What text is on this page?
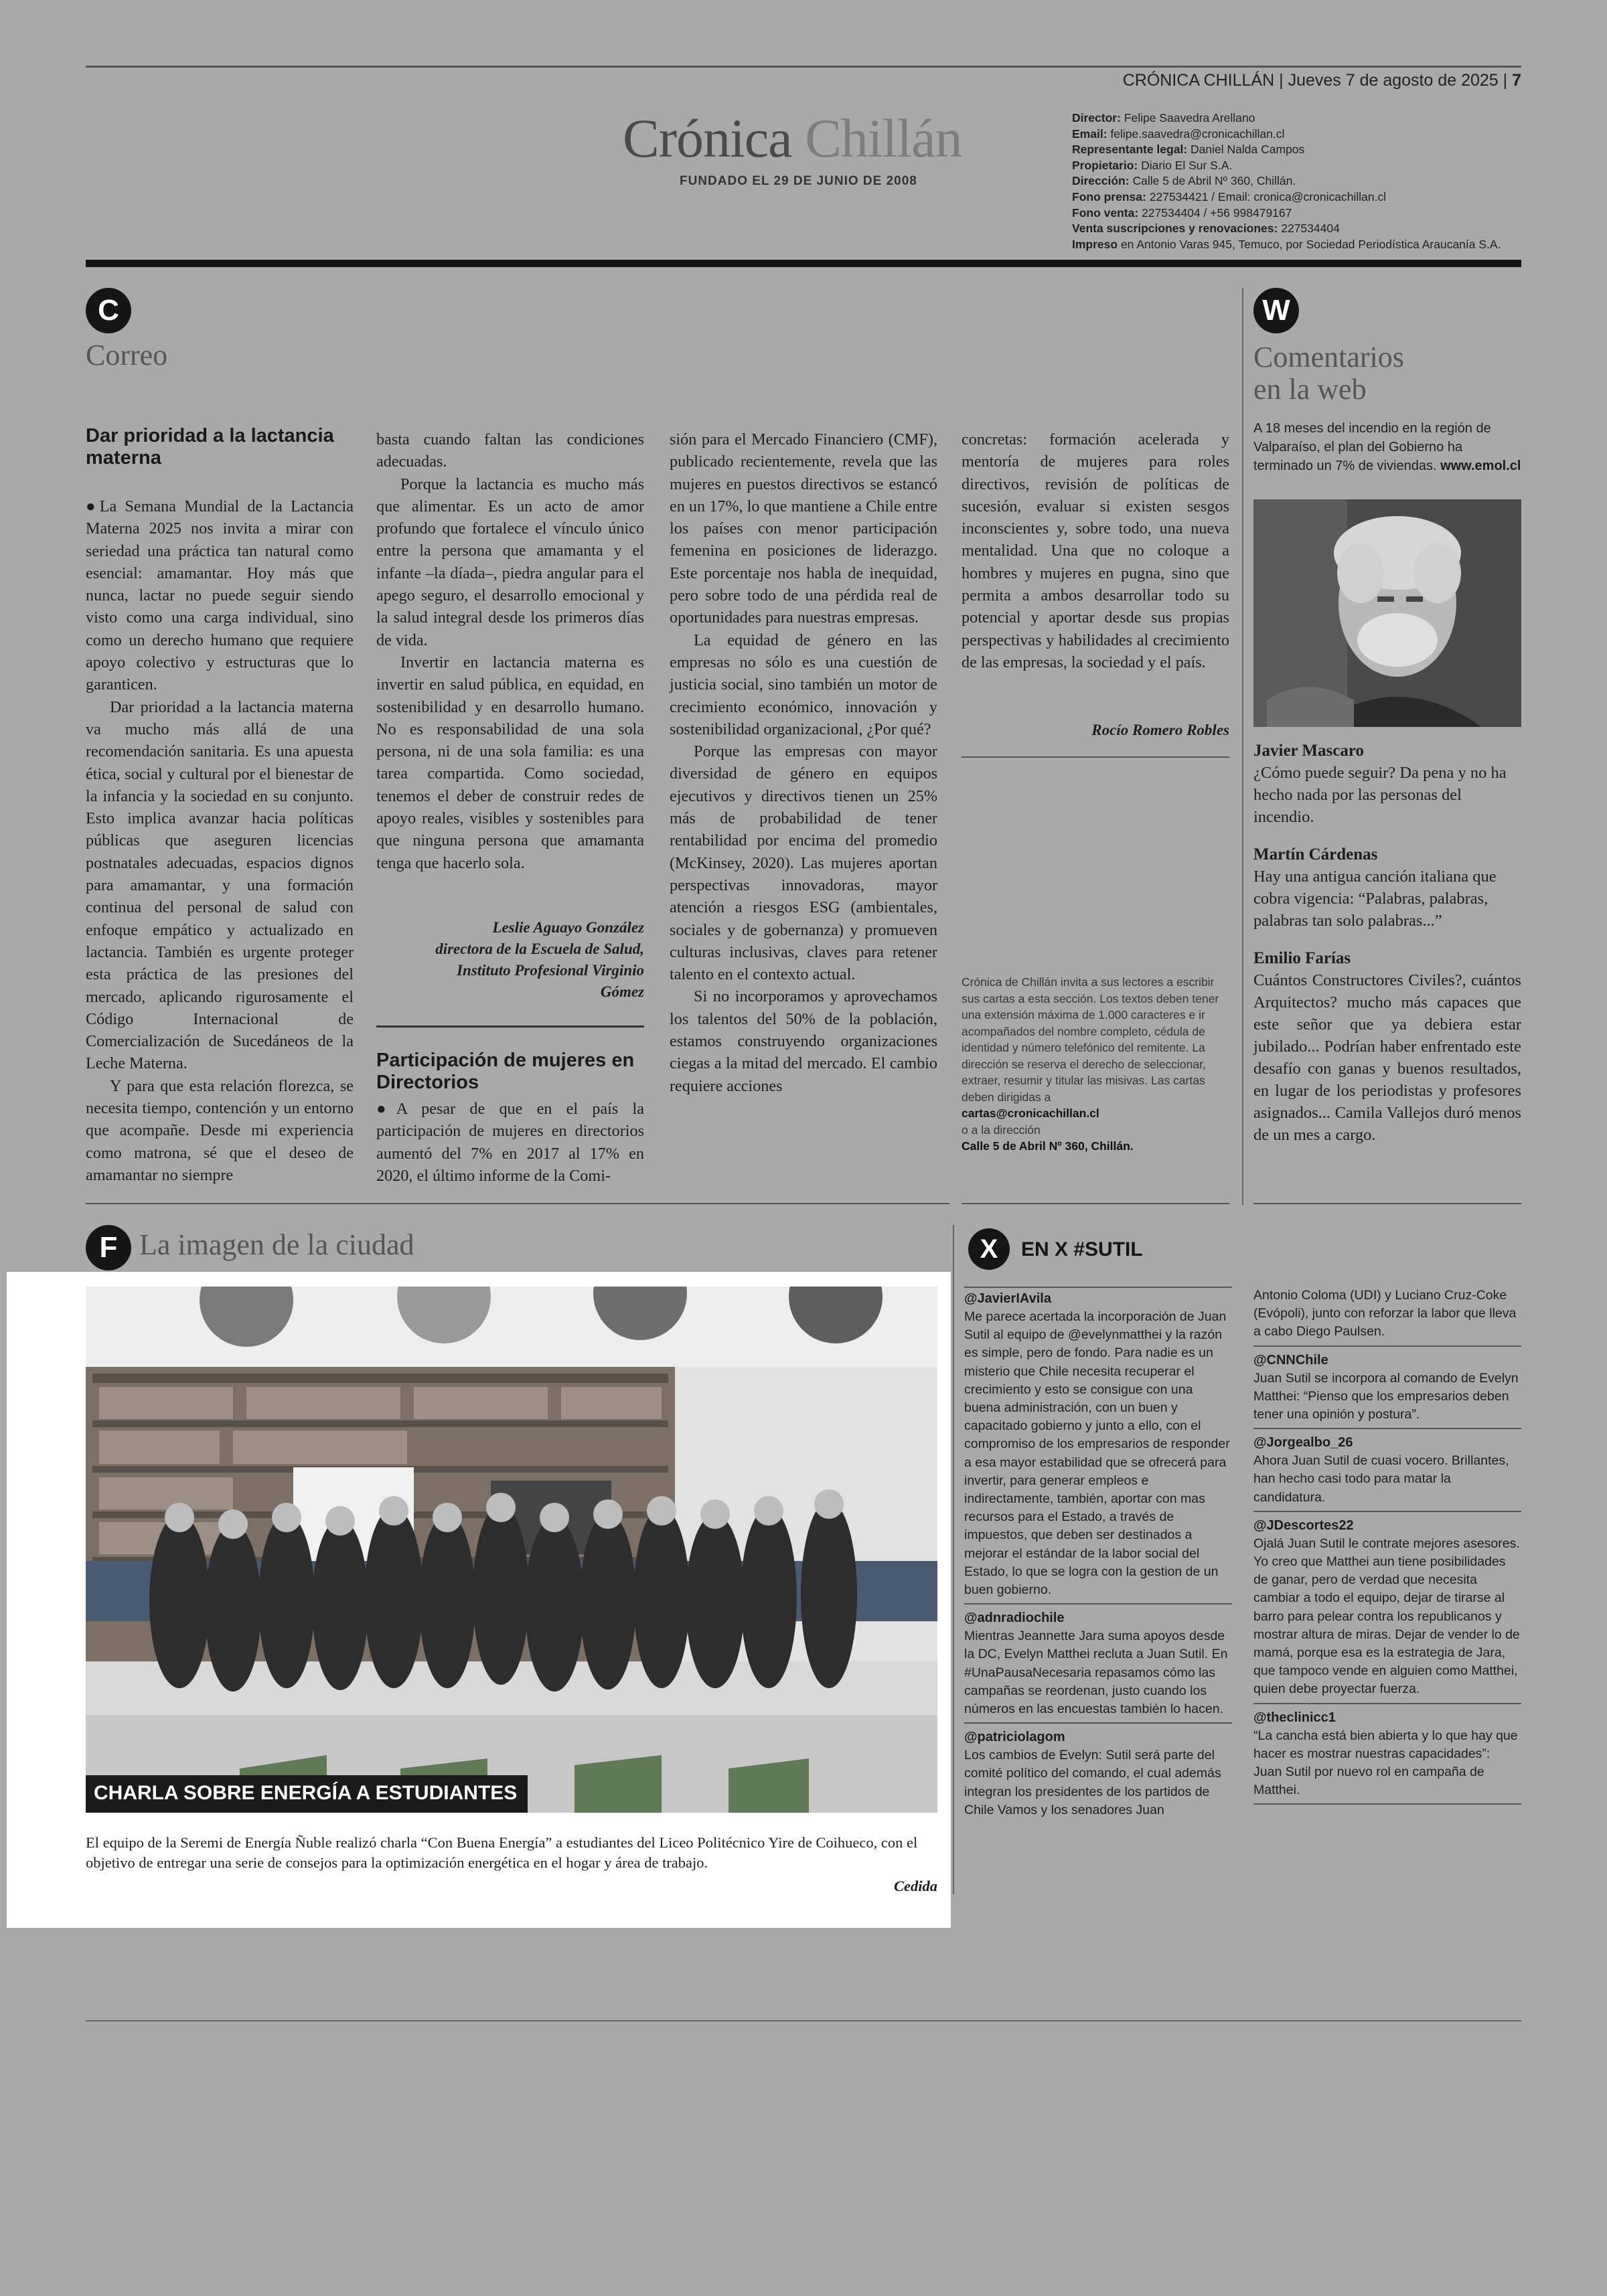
CRÓNICA CHILLÁN | Jueves 7 de agosto de 2025 | 7
Crónica Chillán
FUNDADO EL 29 DE JUNIO DE 2008
Director: Felipe Saavedra Arellano
Email: felipe.saavedra@cronicachillan.cl
Representante legal: Daniel Nalda Campos
Propietario: Diario El Sur S.A.
Dirección: Calle 5 de Abril Nº 360, Chillán.
Fono prensa: 227534421 / Email: cronica@cronicachillan.cl
Fono venta: 227534404 / +56 998479167
Venta suscripciones y renovaciones: 227534404
Impreso en Antonio Varas 945, Temuco, por Sociedad Periodística Araucanía S.A.
C
Correo
Dar prioridad a la lactancia materna

●La Semana Mundial de la Lactancia Materna 2025 nos invita a mirar con seriedad una práctica tan natural como esencial: amamantar. Hoy más que nunca, lactar no puede seguir siendo visto como una carga individual, sino como un derecho humano que requiere apoyo colectivo y estructuras que lo garanticen.

Dar prioridad a la lactancia materna va mucho más allá de una recomendación sanitaria. Es una apuesta ética, social y cultural por el bienestar de la infancia y la sociedad en su conjunto. Esto implica avanzar hacia políticas públicas que aseguren licencias postnatales adecuadas, espacios dignos para amamantar, y una formación continua del personal de salud con enfoque empático y actualizado en lactancia. También es urgente proteger esta práctica de las presiones del mercado, aplicando rigurosamente el Código Internacional de Comercialización de Sucedáneos de la Leche Materna.

Y para que esta relación florezca, se necesita tiempo, contención y un entorno que acompañe. Desde mi experiencia como matrona, sé que el deseo de amamantar no siempre

basta cuando faltan las condiciones adecuadas.

Porque la lactancia es mucho más que alimentar. Es un acto de amor profundo que fortalece el vínculo único entre la persona que amamanta y el infante –la díada–, piedra angular para el apego seguro, el desarrollo emocional y la salud integral desde los primeros días de vida.

Invertir en lactancia materna es invertir en salud pública, en equidad, en sostenibilidad y en desarrollo humano. No es responsabilidad de una sola persona, ni de una sola familia: es una tarea compartida. Como sociedad, tenemos el deber de construir redes de apoyo reales, visibles y sostenibles para que ninguna persona que amamanta tenga que hacerlo sola.

Leslie Aguayo González
directora de la Escuela de Salud,
Instituto Profesional Virginio
Gómez
Participación de mujeres en Directorios

●A pesar de que en el país la participación de mujeres en directorios aumentó del 7% en 2017 al 17% en 2020, el último informe de la Comi-

sión para el Mercado Financiero (CMF), publicado recientemente, revela que las mujeres en puestos directivos se estancó en un 17%, lo que mantiene a Chile entre los países con menor participación femenina en posiciones de liderazgo. Este porcentaje nos habla de inequidad, pero sobre todo de una pérdida real de oportunidades para nuestras empresas.

La equidad de género en las empresas no sólo es una cuestión de justicia social, sino también un motor de crecimiento económico, innovación y sostenibilidad organizacional, ¿Por qué?

Porque las empresas con mayor diversidad de género en equipos ejecutivos y directivos tienen un 25% más de probabilidad de tener rentabilidad por encima del promedio (McKinsey, 2020). Las mujeres aportan perspectivas innovadoras, mayor atención a riesgos ESG (ambientales, sociales y de gobernanza) y promueven culturas inclusivas, claves para retener talento en el contexto actual.

Si no incorporamos y aprovechamos los talentos del 50% de la población, estamos construyendo organizaciones ciegas a la mitad del mercado. El cambio requiere acciones

concretas: formación acelerada y mentoría de mujeres para roles directivos, revisión de políticas de sucesión, evaluar si existen sesgos inconscientes y, sobre todo, una nueva mentalidad. Una que no coloque a hombres y mujeres en pugna, sino que permita a ambos desarrollar todo su potencial y aportar desde sus propias perspectivas y habilidades al crecimiento de las empresas, la sociedad y el país.

Rocío Romero Robles
Crónica de Chillán invita a sus lectores a escribir sus cartas a esta sección. Los textos deben tener una extensión máxima de 1.000 caracteres e ir acompañados del nombre completo, cédula de identidad y número telefónico del remitente. La dirección se reserva el derecho de seleccionar, extraer, resumir y titular las misivas. Las cartas deben dirigidas a
cartas@cronicachillan.cl
o a la dirección
Calle 5 de Abril Nº 360, Chillán.
W
Comentarios
en la web
A 18 meses del incendio en la región de Valparaíso, el plan del Gobierno ha terminado un 7% de viviendas. www.emol.cl
Javier Mascaro
¿Cómo puede seguir? Da pena y no ha hecho nada por las personas del incendio.
Martín Cárdenas
Hay una antigua canción italiana que cobra vigencia: “Palabras, palabras, palabras tan solo palabras...”
Emilio Farías
Cuántos Constructores Civiles?, cuántos Arquitectos? mucho más capaces que este señor que ya debiera estar jubilado... Podrían haber enfrentado este desafío con ganas y buenos resultados, en lugar de los periodistas y profesores asignados... Camila Vallejos duró menos de un mes a cargo.
F La imagen de la ciudad
CHARLA SOBRE ENERGÍA A ESTUDIANTES
El equipo de la Seremi de Energía Ñuble realizó charla “Con Buena Energía” a estudiantes del Liceo Politécnico Yire de Coihueco, con el objetivo de entregar una serie de consejos para la optimización energética en el hogar y área de trabajo.
Cedida
X	EN X #SUTIL
@JavierIAvila
Me parece acertada la incorporación de Juan Sutil al equipo de @evelynmatthei y la razón es simple, pero de fondo. Para nadie es un misterio que Chile necesita recuperar el crecimiento y esto se consigue con una buena administración, con un buen y capacitado gobierno y junto a ello, con el compromiso de los empresarios de responder a esa mayor estabilidad que se ofrecerá para invertir, para generar empleos e indirectamente, también, aportar con mas recursos para el Estado, a través de impuestos, que deben ser destinados a mejorar el estándar de la labor social del Estado, lo que se logra con la gestion de un buen gobierno.
@adnradiochile
Mientras Jeannette Jara suma apoyos desde la DC, Evelyn Matthei recluta a Juan Sutil. En #UnaPausaNecesaria repasamos cómo las campañas se reordenan, justo cuando los números en las encuestas también lo hacen.
@patriciolagom
Los cambios de Evelyn: Sutil será parte del comité político del comando, el cual además integran los presidentes de los partidos de Chile Vamos y los senadores Juan
Antonio Coloma (UDI) y Luciano Cruz-Coke (Evópoli), junto con reforzar la labor que lleva a cabo Diego Paulsen.
@CNNChile
Juan Sutil se incorpora al comando de Evelyn Matthei: “Pienso que los empresarios deben tener una opinión y postura”.
@Jorgealbo_26
Ahora Juan Sutil de cuasi vocero. Brillantes, han hecho casi todo para matar la candidatura.
@JDescortes22
Ojalá Juan Sutil le contrate mejores asesores. Yo creo que Matthei aun tiene posibilidades de ganar, pero de verdad que necesita cambiar a todo el equipo, dejar de tirarse al barro para pelear contra los republicanos y mostrar altura de miras. Dejar de vender lo de mamá, porque esa es la estrategia de Jara, que tampoco vende en alguien como Matthei, quien debe proyectar fuerza.
@theclinicc1
“La cancha está bien abierta y lo que hay que hacer es mostrar nuestras capacidades”: Juan Sutil por nuevo rol en campaña de Matthei.
